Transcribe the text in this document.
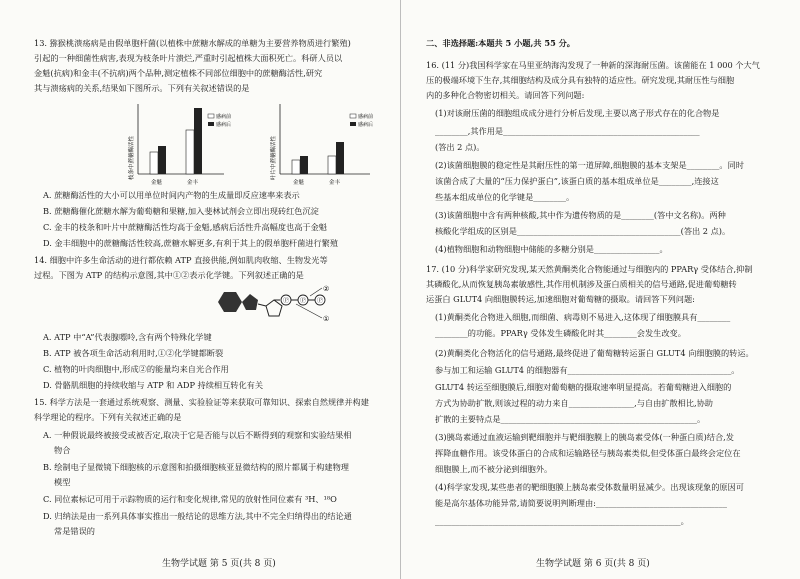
13. 猕猴桃溃疡病是由假单胞杆菌(以植株中蔗糖水解成的单糖为主要营养物质进行繁殖)
引起的一种细菌性病害,表现为枝条叶片溃烂,严重时引起植株大面积死亡。科研人员以
金魁(抗病)和金丰(不抗病)两个品种,测定植株不同部位细胞中的蔗糖酶活性,研究
其与溃疡病的关系,结果如下图所示。下列有关叙述错误的是
枝条中蔗糖酶活性
金魁	金丰
感病前
感病后
叶片中蔗糖酶活性
金魁	金丰
感病前
感病后
A. 蔗糖酶活性的大小可以用单位时间内产物的生成量即反应速率来表示
B. 蔗糖酶催化蔗糖水解为葡萄糖和果糖,加入斐林试剂会立即出现砖红色沉淀
C. 金丰的枝条和叶片中蔗糖酶活性均高于金魁,感病后活性升高幅度也高于金魁
D. 金丰细胞中的蔗糖酶活性较高,蔗糖水解更多,有利于其上的假单胞杆菌进行繁殖
14. 细胞中许多生命活动的进行都依赖 ATP 直接供能,例如肌肉收缩、生物发光等
过程。下图为 ATP 的结构示意图,其中①②表示化学键。下列叙述正确的是
Ⓟ Ⓟ Ⓟ
②
①
A. ATP 中“A”代表腺嘌呤,含有两个特殊化学键
B. ATP 被各项生命活动利用时,①②化学键都断裂
C. 植物的叶肉细胞中,形成②的能量均来自光合作用
D. 骨骼肌细胞的持续收缩与 ATP 和 ADP 持续相互转化有关
15. 科学方法是一套通过系统观察、测量、实验验证等来获取可靠知识、探索自然规律并构建
科学理论的程序。下列有关叙述正确的是
A. 一种假说最终被接受或被否定,取决于它是否能与以后不断得到的观察和实验结果相
物合
B. 绘制电子显微镜下细胞核的示意图和拍摄细胞核亚显微结构的照片都属于构建物理
模型
C. 同位素标记可用于示踪物质的运行和变化规律,常见的放射性同位素有 ³H、¹⁸O
D. 归纳法是由一系列具体事实推出一般结论的思维方法,其中不完全归纳得出的结论通
常是错误的
生物学试题 第 5 页(共 8 页)
二、非选择题:本题共 5 小题,共 55 分。
16. (11 分)我国科学家在马里亚纳海沟发现了一种新的深海耐压菌。该菌能在 1 000 个大气
压的极端环境下生存,其细胞结构及成分具有独特的适应性。研究发现,其耐压性与细胞
内的多种化合物密切相关。请回答下列问题:
(1)对该耐压菌的细胞组成成分进行分析后发现,主要以离子形式存在的化合物是
________,其作用是________________________________________________
(答出 2 点)。
(2)该菌细胞膜的稳定性是其耐压性的第一道屏障,细胞膜的基本支架是________。同时
该菌合成了大量的“压力保护蛋白”,该蛋白质的基本组成单位是________,连接这
些基本组成单位的化学键是________。
(3)该菌细胞中含有两种核酸,其中作为遗传物质的是________(答中文名称)。两种
核酸化学组成的区别是________________________________________(答出 2 点)。
(4)植物细胞和动物细胞中储能的多糖分别是________________。
17. (10 分)科学家研究发现,某天然黄酮类化合物能通过与细胞内的 PPARγ 受体结合,抑制
其磷酸化,从而恢复胰岛素敏感性,其作用机制涉及蛋白质相关的信号通路,促进葡萄糖转
运蛋白 GLUT4 向细胞膜转运,加速细胞对葡萄糖的摄取。请回答下列问题:
(1)黄酮类化合物进入细胞,而细菌、病毒则不易进入,这体现了细胞膜具有________
________的功能。PPARγ 受体发生磷酸化时其________会发生改变。
(2)黄酮类化合物活化的信号通路,最终促进了葡萄糖转运蛋白 GLUT4 向细胞膜的转运。
参与加工和运输 GLUT4 的细胞器有________________________________________。
GLUT4 转运至细胞膜后,细胞对葡萄糖的摄取速率明显提高。若葡萄糖进入细胞的
方式为协助扩散,则该过程的动力来自________________,与自由扩散相比,协助
扩散的主要特点是________________________________________________。
(3)胰岛素通过血液运输到靶细胞并与靶细胞膜上的胰岛素受体(一种蛋白质)结合,发
挥降血糖作用。该受体蛋白的合成和运输路径与胰岛素类似,但受体蛋白最终会定位在
细胞膜上,而不被分泌到细胞外。
(4)科学家发现,某些患者的靶细胞膜上胰岛素受体数量明显减少。出现该现象的原因可
能是高尔基体功能异常,请简要说明判断理由:________________________________
____________________________________________________________。
生物学试题 第 6 页(共 8 页)
